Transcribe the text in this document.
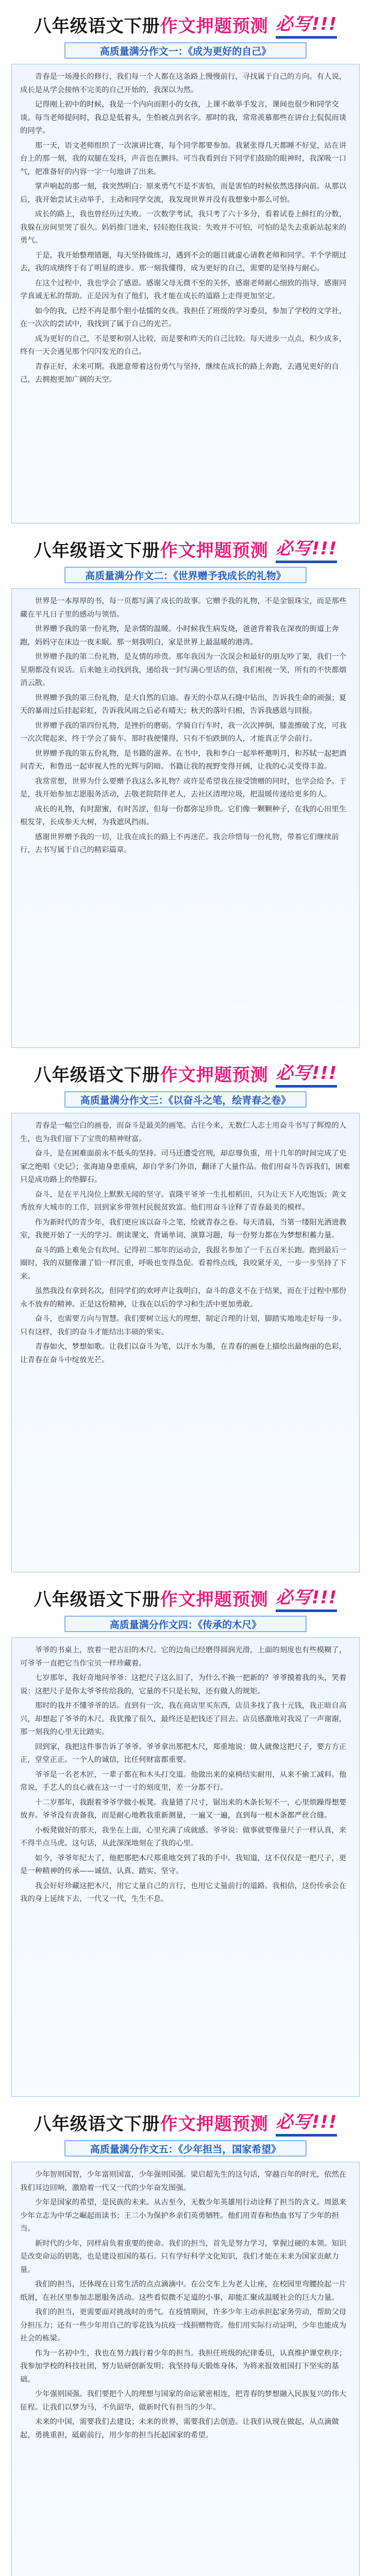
八年级语文下册 作文押题预测 必写!!!
高质量满分作文一：《成为更好的自己》

青春是一场漫长的修行，我们每一个人都在这条路上慢慢前行，寻找属于自己的方向。有人说，成长是从学会接纳不完美的自己开始的，我深以为然。

记得刚上初中的时候，我是一个内向而胆小的女孩，上课不敢举手发言，课间也很少和同学交谈。每当老师提问时，我总是低着头，生怕被点到名字。那时的我，常常羡慕那些在讲台上侃侃而谈的同学。

那一天，语文老师组织了一次演讲比赛，每个同学都要参加。我紧张得几天都睡不好觉，站在讲台上的那一刻，我的双腿在发抖，声音也在颤抖。可当我看到台下同学们鼓励的眼神时，我深吸一口气，把准备好的内容一字一句地讲了出来。

掌声响起的那一刻，我突然明白：原来勇气不是不害怕，而是害怕的时候依然选择向前。从那以后，我开始尝试主动举手，主动和同学交流，我发现世界并没有我想象中那么可怕。

成长的路上，我也曾经历过失败。一次数学考试，我只考了六十多分，看着试卷上鲜红的分数，我躲在房间里哭了很久。妈妈推门进来，轻轻抱住我说：失败并不可怕，可怕的是失去重新站起来的勇气。

于是，我开始整理错题，每天坚持做练习，遇到不会的题目就虚心请教老师和同学。半个学期过去，我的成绩终于有了明显的进步。那一刻我懂得，成为更好的自己，需要的是坚持与耐心。

在这个过程中，我也学会了感恩。感谢父母无微不至的关怀，感谢老师耐心细致的指导，感谢同学真诚无私的帮助。正是因为有了他们，我才能在成长的道路上走得更加坚定。

如今的我，已经不再是那个胆小怯懦的女孩。我担任了班级的学习委员，参加了学校的文学社，在一次次的尝试中，我找到了属于自己的光芒。

成为更好的自己，不是要和别人比较，而是要和昨天的自己比较。每天进步一点点，积少成多，终有一天会遇见那个闪闪发光的自己。

青春正好，未来可期。我愿意带着这份勇气与坚持，继续在成长的路上奔跑，去遇见更好的自己，去拥抱更加广阔的天空。

八年级语文下册 作文押题预测 必写!!!
高质量满分作文二：《世界赠予我成长的礼物》

世界是一本厚厚的书，每一页都写满了成长的故事。它赠予我的礼物，不是金银珠宝，而是那些藏在平凡日子里的感动与领悟。

世界赠予我的第一份礼物，是亲情的温暖。小时候我生病发烧，爸爸背着我在深夜的街道上奔跑，妈妈守在床边一夜未眠。那一刻我明白，家是世界上最温暖的港湾。

世界赠予我的第二份礼物，是友情的珍贵。那年我因为一次误会和最好的朋友吵了架，我们一个星期都没有说话。后来她主动找到我，递给我一封写满心里话的信，我们相视一笑，所有的不快都烟消云散。

世界赠予我的第三份礼物，是大自然的启迪。春天的小草从石缝中钻出，告诉我生命的顽强；夏天的暴雨过后挂起彩虹，告诉我风雨之后必有晴天；秋天的落叶归根，告诉我感恩与回报。

世界赠予我的第四份礼物，是挫折的磨砺。学骑自行车时，我一次次摔倒，膝盖擦破了皮，可我一次次爬起来，终于学会了骑车。那时我便懂得，只有不怕跌倒的人，才能真正学会前行。

世界赠予我的第五份礼物，是书籍的滋养。在书中，我和李白一起举杯邀明月，和苏轼一起把酒问青天，和鲁迅一起审视人性的光辉与阴暗。书籍让我的视野变得开阔，让我的心灵变得丰盈。

我常常想，世界为什么要赠予我这么多礼物？或许是希望我在接受馈赠的同时，也学会给予。于是，我开始参加志愿服务活动，去敬老院陪伴老人，去社区清理垃圾，把温暖传递给更多的人。

成长的礼物，有时甜蜜，有时苦涩，但每一份都弥足珍贵。它们像一颗颗种子，在我的心田里生根发芽，长成参天大树，为我遮风挡雨。

感谢世界赠予我的一切，让我在成长的路上不再迷茫。我会珍惜每一份礼物，带着它们继续前行，去书写属于自己的精彩篇章。

八年级语文下册 作文押题预测 必写!!!
高质量满分作文三：《以奋斗之笔，绘青春之卷》

青春是一幅空白的画卷，而奋斗是最美的画笔。古往今来，无数仁人志士用奋斗书写了辉煌的人生，也为我们留下了宝贵的精神财富。

奋斗，是在困难面前永不低头的坚持。司马迁遭受宫刑，却忍辱负重，用十几年的时间完成了史家之绝唱《史记》；张海迪身患重病，却自学多门外语，翻译了大量作品。他们用奋斗告诉我们，困难只是成功路上的垫脚石。

奋斗，是在平凡岗位上默默无闻的坚守。袁隆平爷爷一生扎根稻田，只为让天下人吃饱饭；黄文秀放弃大城市的工作，回到家乡带领村民脱贫致富。他们用奋斗诠释了青春最美的模样。

作为新时代的青少年，我们更应该以奋斗之笔，绘就青春之卷。每天清晨，当第一缕阳光洒进教室，我便开始了一天的学习。朗读课文、背诵单词、演算习题，每一份努力都在为梦想积蓄力量。

奋斗的路上难免会有坎坷。记得初二那年的运动会，我报名参加了一千五百米长跑。跑到最后一圈时，我的双腿像灌了铅一样沉重，呼吸也变得急促。看着终点线，我咬紧牙关，一步一步坚持了下来。

虽然我没有拿到名次，但同学们的欢呼声让我明白，奋斗的意义不在于结果，而在于过程中那份永不放弃的精神。正是这份精神，让我在以后的学习和生活中更加勇敢。

奋斗，也需要方向与智慧。我们要树立远大的理想，制定合理的计划，脚踏实地地走好每一步。只有这样，我们的奋斗才能结出丰硕的果实。

青春如火，梦想如歌。让我们以奋斗为笔，以汗水为墨，在青春的画卷上描绘出最绚丽的色彩，让青春在奋斗中绽放光芒。

八年级语文下册 作文押题预测 必写!!!
高质量满分作文四：《传承的木尺》

爷爷的书桌上，放着一把古旧的木尺。它的边角已经磨得圆润光滑，上面的刻度也有些模糊了，可爷爷一直把它当作宝贝一样珍藏着。

七岁那年，我好奇地问爷爷：这把尺子这么旧了，为什么不换一把新的？爷爷摸着我的头，笑着说：这把尺子是你太爷爷传给我的，它量的不只是长短，还有做人的规矩。

那时的我并不懂爷爷的话。直到有一次，我在商店里买东西，店员多找了我十元钱，我正暗自高兴，却想起了爷爷的木尺。我犹豫了很久，最终还是把钱还了回去。店员感激地对我说了一声谢谢，那一刻我的心里无比踏实。

回到家，我把这件事告诉了爷爷。爷爷拿出那把木尺，郑重地说：做人就像这把尺子，要方方正正，堂堂正正。一个人的诚信，比任何财富都重要。

爷爷是一名老木匠，一辈子都在和木头打交道。他做出来的桌椅结实耐用，从来不偷工减料。他常说，手艺人的良心就在这一寸一寸的刻度里，差一分都不行。

十二岁那年，我跟着爷爷学做小板凳。我量错了尺寸，锯出来的木条长短不一，心里烦躁得想要放弃。爷爷没有责备我，而是耐心地教我重新测量，一遍又一遍，直到每一根木条都严丝合缝。

小板凳做好的那天，我坐在上面，心里充满了成就感。爷爷说：做事就要像量尺子一样认真，来不得半点马虎。这句话，从此深深地刻在了我的心里。

如今，爷爷年纪大了，他把那把木尺郑重地交到了我的手中。我知道，这不仅仅是一把尺子，更是一种精神的传承——诚信、认真、踏实、坚守。

我会好好珍藏这把木尺，用它丈量自己的言行，也用它丈量前行的道路。我相信，这份传承会在我的身上延续下去，一代又一代，生生不息。

八年级语文下册 作文押题预测 必写!!!
高质量满分作文五：《少年担当，国家希望》

少年智则国智，少年富则国富，少年强则国强。梁启超先生的这句话，穿越百年的时光，依然在我们耳边回响，激励着一代又一代的少年奋发图强。

少年是国家的希望，是民族的未来。从古至今，无数少年英雄用行动诠释了担当的含义。周恩来少年立志为中华之崛起而读书；王二小为保护乡亲们英勇牺牲。他们用青春和热血书写了少年的担当。

新时代的少年，同样肩负着重要的使命。我们的担当，首先是努力学习，掌握过硬的本领。知识是改变命运的钥匙，也是建设祖国的基石。只有学好科学文化知识，我们才能在未来为国家贡献力量。

我们的担当，还体现在日常生活的点点滴滴中。在公交车上为老人让座，在校园里弯腰捡起一片纸屑，在社区里参加志愿服务活动。这些看似微不足道的小事，却能汇聚成温暖社会的巨大力量。

我们的担当，更需要面对挑战时的勇气。在疫情期间，许多少年主动承担起家务劳动，帮助父母分担压力；还有一些少年用自己的零花钱为抗疫一线捐赠物资。他们用实际行动证明，少年也能成为社会的栋梁。

作为一名初中生，我也在努力践行着少年的担当。我担任班级的纪律委员，认真维护课堂秩序；我参加学校的科技社团，努力钻研创新发明；我坚持每天锻炼身体，为将来报效祖国打下坚实的基础。

少年强则国强。我们要把个人的理想与国家的命运紧密相连，把青春的梦想融入民族复兴的伟大征程。让我们以梦为马，不负韶华，做新时代有担当的少年。

未来的中国，需要我们去建设；未来的世界，需要我们去创造。让我们从现在做起，从点滴做起，勇挑重担，砥砺前行，用少年的担当托起国家的希望。
